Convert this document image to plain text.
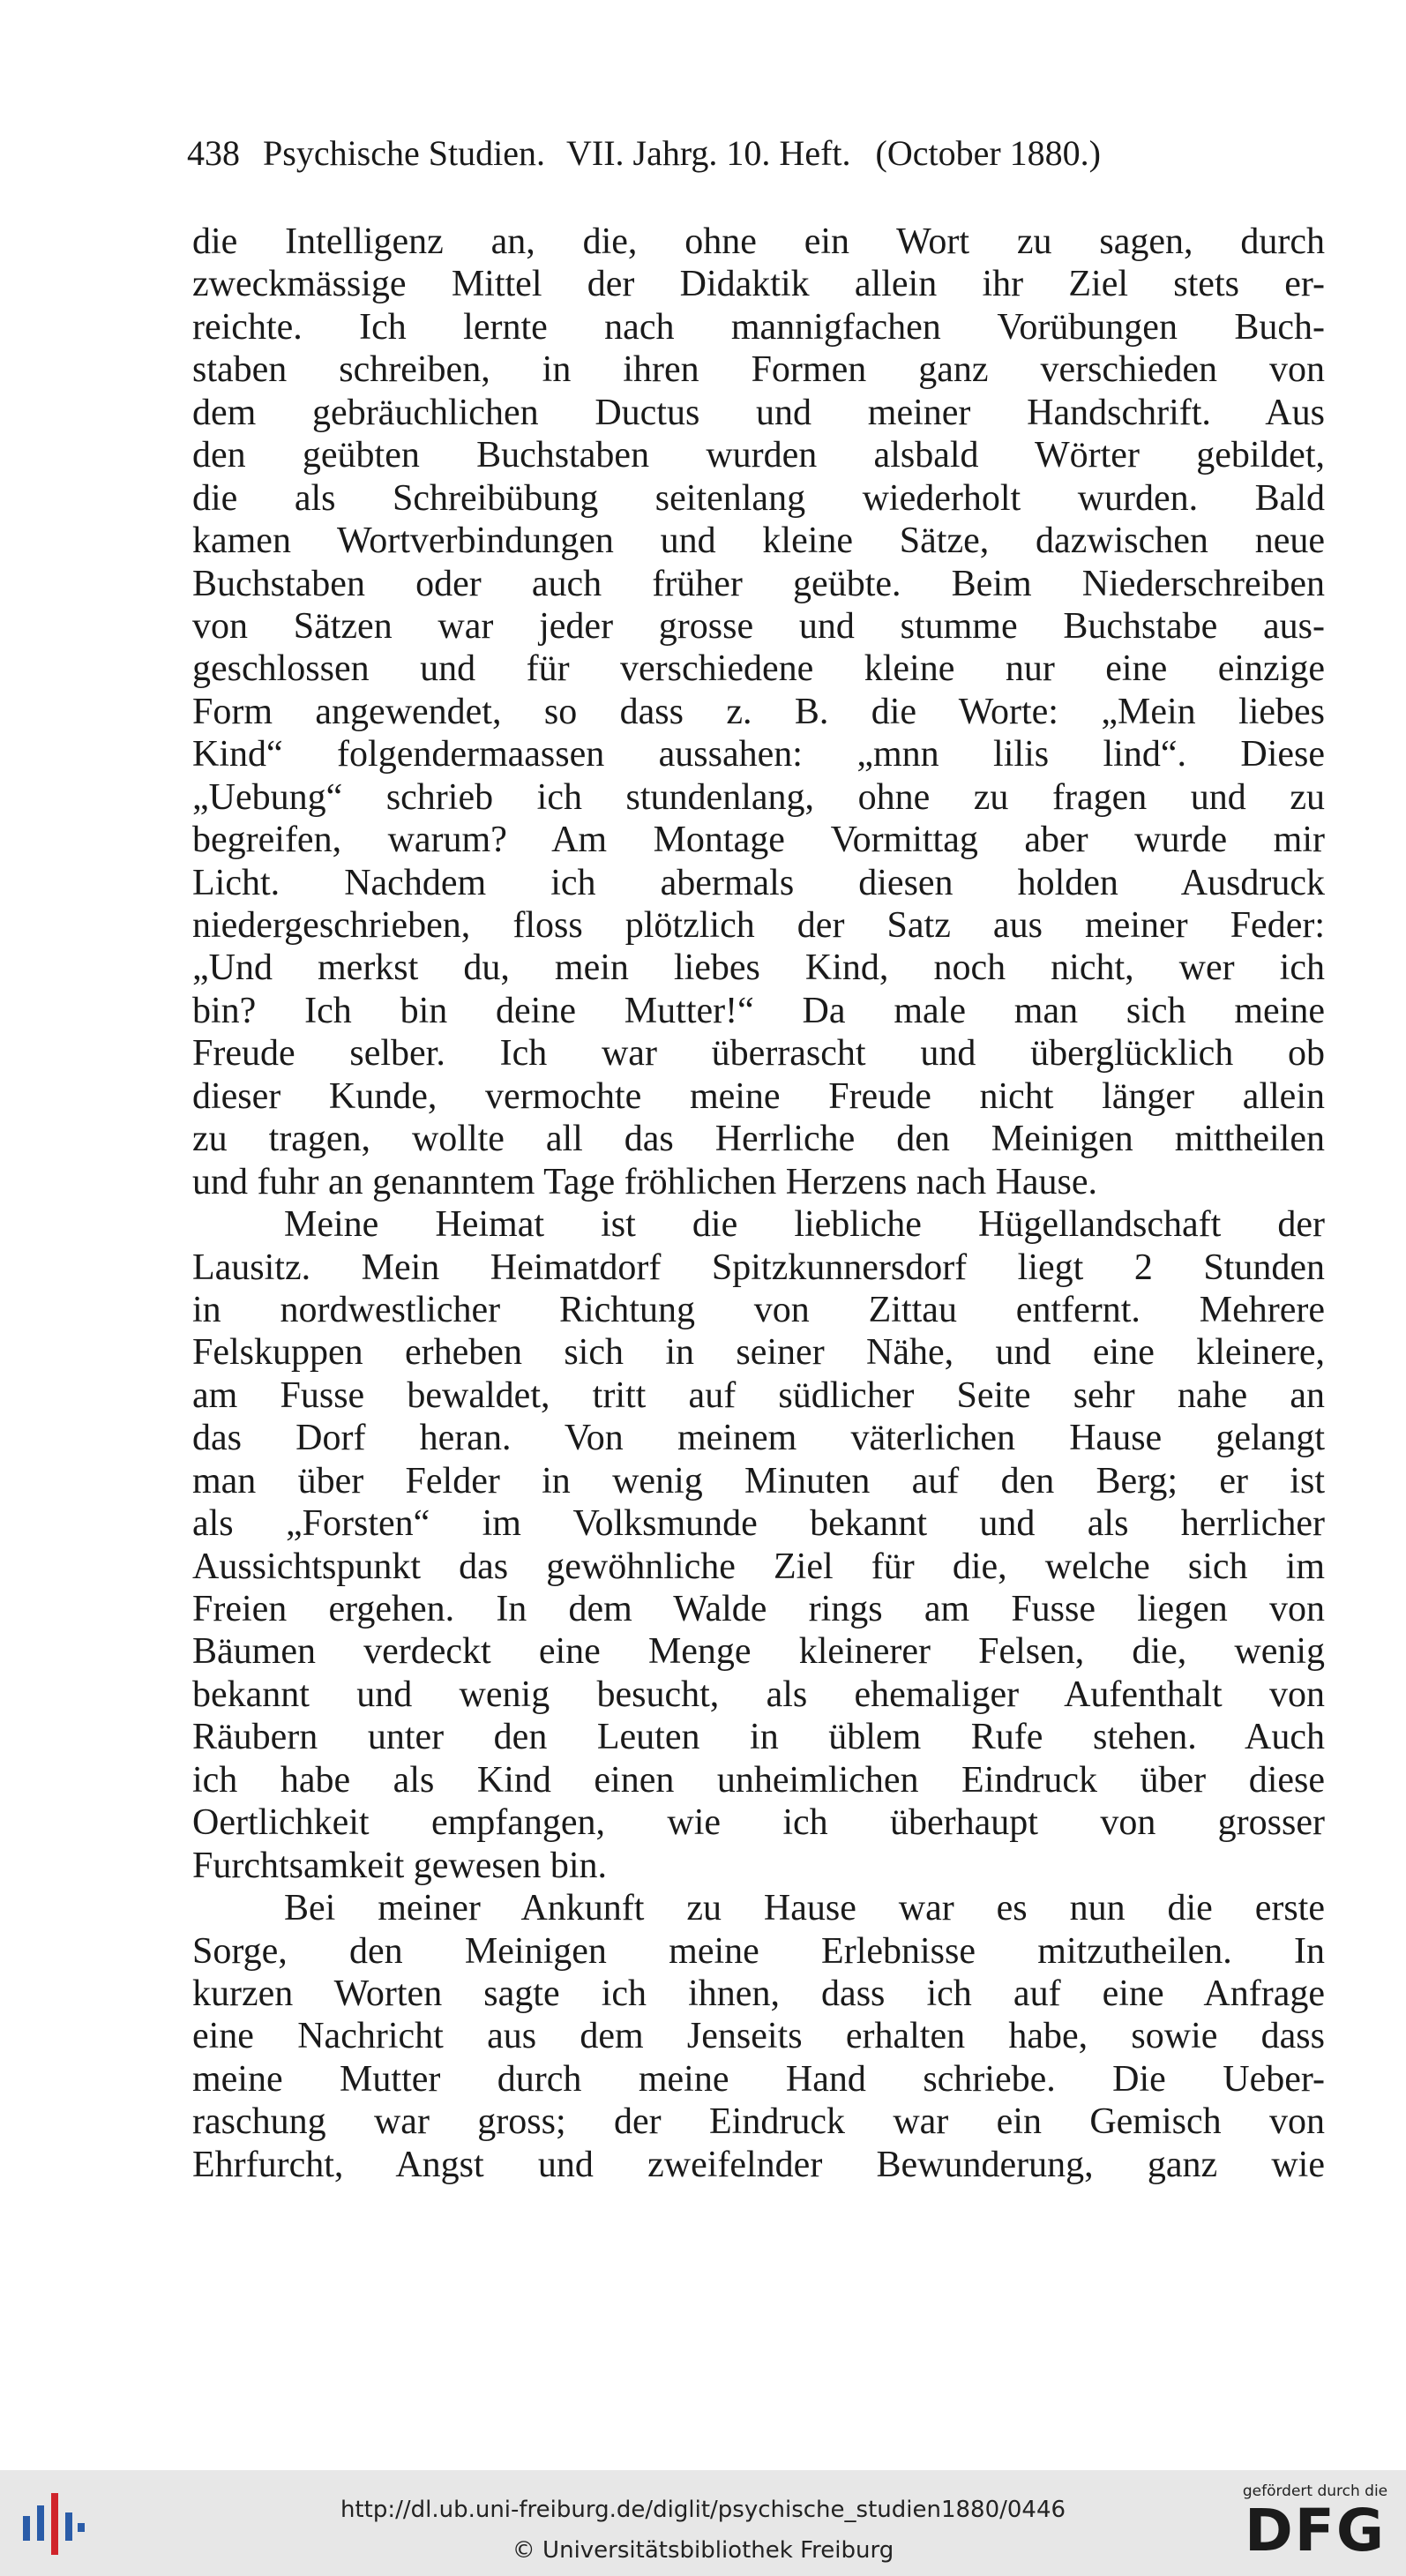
438 Psychische Studien. VII. Jahrg. 10. Heft. (October 1880.)
die Intelligenz an, die, ohne ein Wort zu sagen, durch
zweckmässige Mittel der Didaktik allein ihr Ziel stets er-
reichte. Ich lernte nach mannigfachen Vorübungen Buch-
staben schreiben, in ihren Formen ganz verschieden von
dem gebräuchlichen Ductus und meiner Handschrift. Aus
den geübten Buchstaben wurden alsbald Wörter gebildet,
die als Schreibübung seitenlang wiederholt wurden. Bald
kamen Wortverbindungen und kleine Sätze, dazwischen neue
Buchstaben oder auch früher geübte. Beim Niederschreiben
von Sätzen war jeder grosse und stumme Buchstabe aus-
geschlossen und für verschiedene kleine nur eine einzige
Form angewendet, so dass z. B. die Worte: „Mein liebes
Kind“ folgendermaassen aussahen: „mnn lilis lind“. Diese
„Uebung“ schrieb ich stundenlang, ohne zu fragen und zu
begreifen, warum? Am Montage Vormittag aber wurde mir
Licht. Nachdem ich abermals diesen holden Ausdruck
niedergeschrieben, floss plötzlich der Satz aus meiner Feder:
„Und merkst du, mein liebes Kind, noch nicht, wer ich
bin? Ich bin deine Mutter!“ Da male man sich meine
Freude selber. Ich war überrascht und überglücklich ob
dieser Kunde, vermochte meine Freude nicht länger allein
zu tragen, wollte all das Herrliche den Meinigen mittheilen
und fuhr an genanntem Tage fröhlichen Herzens nach Hause.
Meine Heimat ist die liebliche Hügellandschaft der
Lausitz. Mein Heimatdorf Spitzkunnersdorf liegt 2 Stunden
in nordwestlicher Richtung von Zittau entfernt. Mehrere
Felskuppen erheben sich in seiner Nähe, und eine kleinere,
am Fusse bewaldet, tritt auf südlicher Seite sehr nahe an
das Dorf heran. Von meinem väterlichen Hause gelangt
man über Felder in wenig Minuten auf den Berg; er ist
als „Forsten“ im Volksmunde bekannt und als herrlicher
Aussichtspunkt das gewöhnliche Ziel für die, welche sich im
Freien ergehen. In dem Walde rings am Fusse liegen von
Bäumen verdeckt eine Menge kleinerer Felsen, die, wenig
bekannt und wenig besucht, als ehemaliger Aufenthalt von
Räubern unter den Leuten in üblem Rufe stehen. Auch
ich habe als Kind einen unheimlichen Eindruck über diese
Oertlichkeit empfangen, wie ich überhaupt von grosser
Furchtsamkeit gewesen bin.
Bei meiner Ankunft zu Hause war es nun die erste
Sorge, den Meinigen meine Erlebnisse mitzutheilen. In
kurzen Worten sagte ich ihnen, dass ich auf eine Anfrage
eine Nachricht aus dem Jenseits erhalten habe, sowie dass
meine Mutter durch meine Hand schriebe. Die Ueber-
raschung war gross; der Eindruck war ein Gemisch von
Ehrfurcht, Angst und zweifelnder Bewunderung, ganz wie
http://dl.ub.uni-freiburg.de/diglit/psychische_studien1880/0446
© Universitätsbibliothek Freiburg
gefördert durch die
DFG
